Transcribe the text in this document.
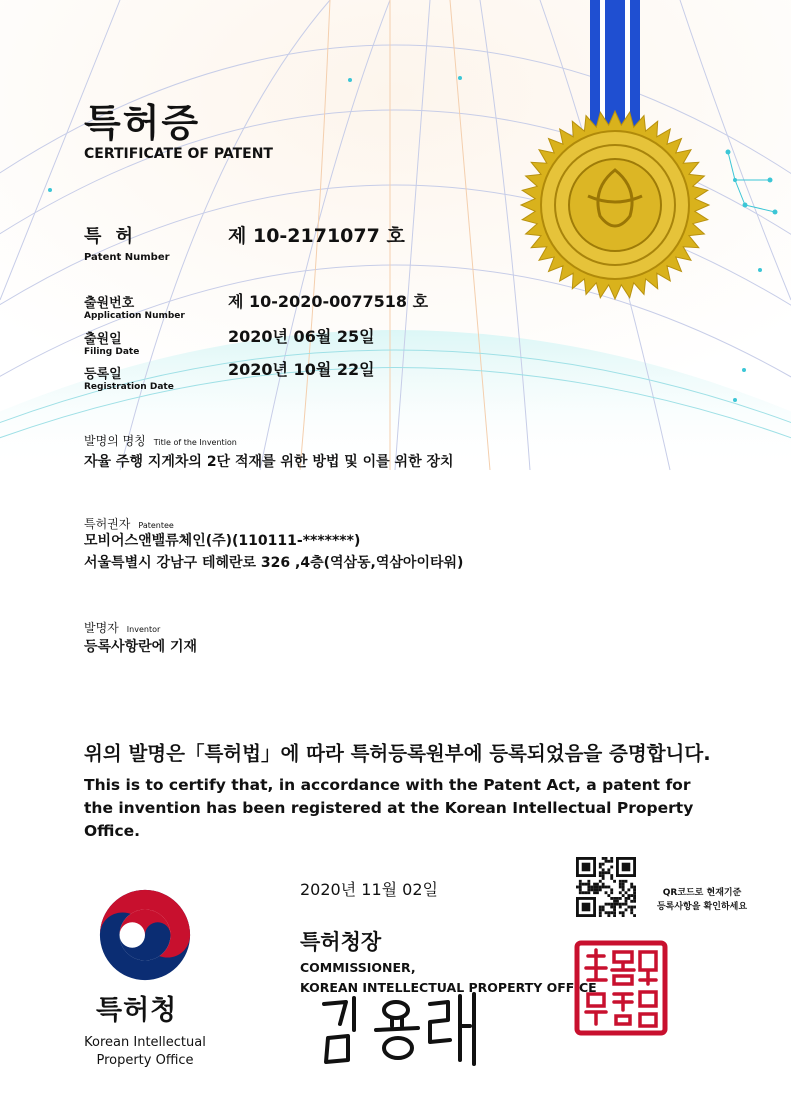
특허증
CERTIFICATE OF PATENT
특 허
Patent Number
제 10-2171077 호
출원번호
Application Number
제 10-2020-0077518 호
출원일
Filing Date
2020년 06월 25일
등록일
Registration Date
2020년 10월 22일
발명의 명칭 Title of the Invention
자율 주행 지게차의 2단 적재를 위한 방법 및 이를 위한 장치
특허권자 Patentee
모비어스앤밸류체인(주)(110111-*******)
서울특별시 강남구 테헤란로 326 ,4층(역삼동,역삼아이타워)
발명자 Inventor
등록사항란에 기재
위의 발명은「특허법」에 따라 특허등록원부에 등록되었음을 증명합니다.
This is to certify that, in accordance with the Patent Act, a patent for the invention has been registered at the Korean Intellectual Property Office.
2020년 11월 02일	QR코드로 현재기준
등록사항을 확인하세요
특허청장
COMMISSIONER,
KOREAN INTELLECTUAL PROPERTY OFFICE
특허청
Korean Intellectual
Property Office
